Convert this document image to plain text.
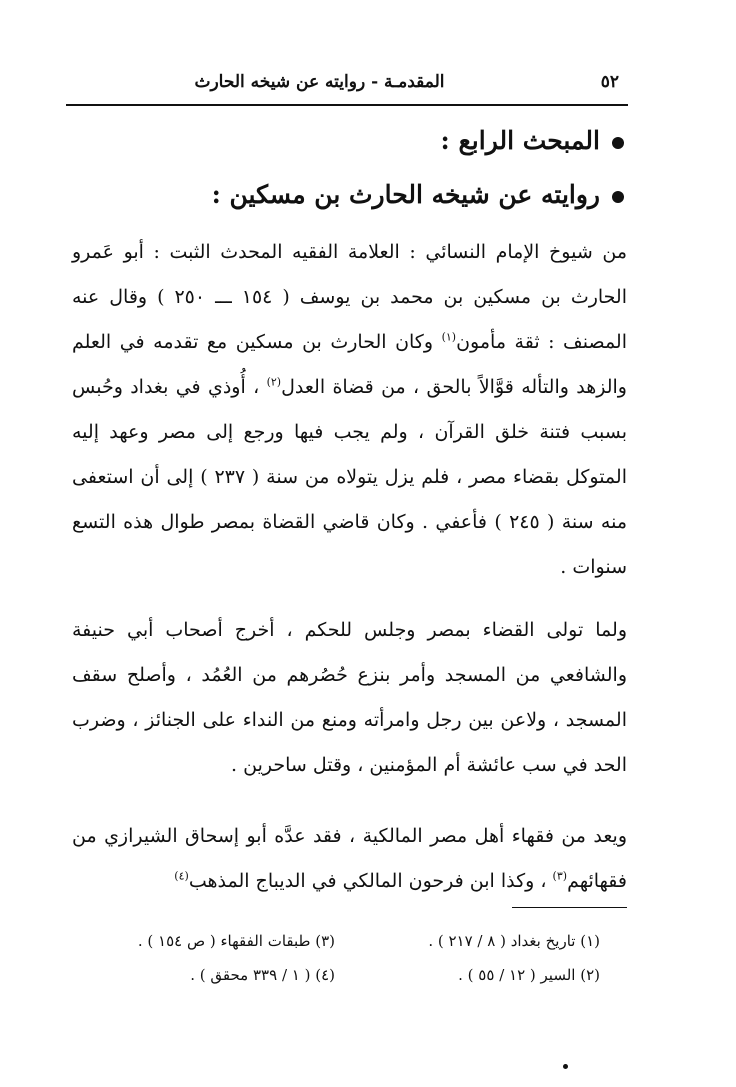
٥٢
المقدمـة - روايته عن شيخه الحارث
المبحث الرابع :
روايته عن شيخه الحارث بن مسكين :

من شيوخ الإمام النسائي : العلامة الفقيه المحدث الثبت : أبو عَمرو الحارث بن مسكين بن محمد بن يوسف ( ١٥٤ ـــ ٢٥٠ ) وقال عنه المصنف : ثقة مأمون$^{(١)}$ وكان الحارث بن مسكين مع تقدمه في العلم والزهد والتأله قوَّالاً بالحق ، من قضاة العدل$^{(٢)}$ ، أُوذي في بغداد وحُبس بسبب فتنة خلق القرآن ، ولم يجب فيها ورجع إلى مصر وعهد إليه المتوكل بقضاء مصر ، فلم يزل يتولاه من سنة ( ٢٣٧ ) إلى أن استعفى منه سنة ( ٢٤٥ ) فأعفي . وكان قاضي القضاة بمصر طوال هذه التسع سنوات .

ولما تولى القضاء بمصر وجلس للحكم ، أخرج أصحاب أبي حنيفة والشافعي من المسجد وأمر بنزع حُصُرهم من العُمُد ، وأصلح سقف المسجد ، ولاعن بين رجل وامرأته ومنع من النداء على الجنائز ، وضرب الحد في سب عائشة أم المؤمنين ، وقتل ساحرين .

ويعد من فقهاء أهل مصر المالكية ، فقد عدَّه أبو إسحاق الشيرازي من فقهائهم$^{(٣)}$ ، وكذا ابن فرحون المالكي في الديباج المذهب$^{(٤)}$

(١) تاريخ بغداد ( ٨ / ٢١٧ ) .
(٣) طبقات الفقهاء ( ص ١٥٤ ) .
(٢) السير ( ١٢ / ٥٥ ) .
(٤) ( ١ / ٣٣٩ محقق ) .
